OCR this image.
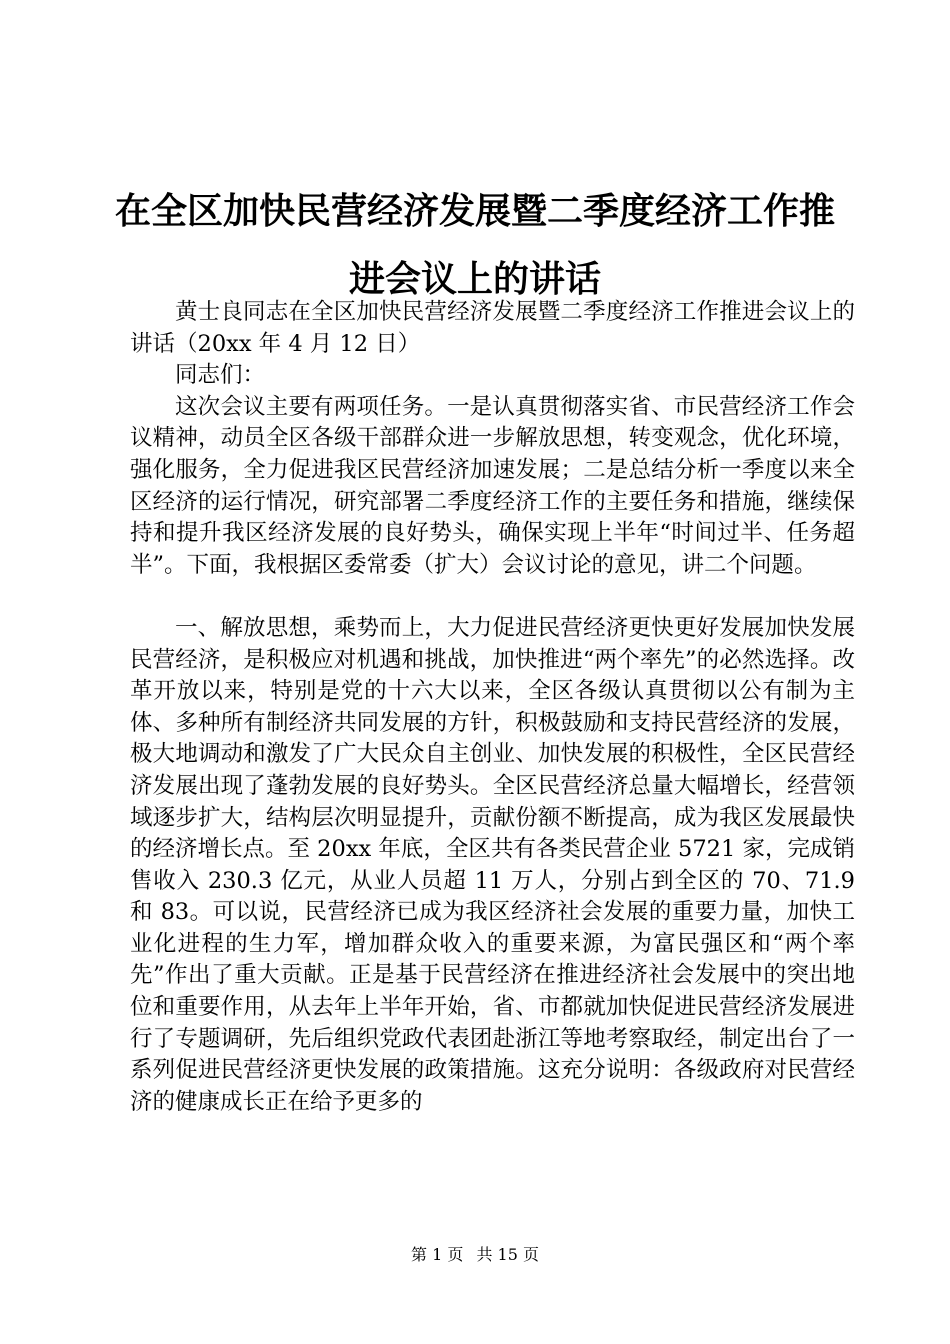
在全区加快民营经济发展暨二季度经济工作推
进会议上的讲话

黄士良同志在全区加快民营经济发展暨二季度经济工作推进会议上的讲话（20xx 年 4 月 12 日）

同志们：

这次会议主要有两项任务。一是认真贯彻落实省、市民营经济工作会议精神，动员全区各级干部群众进一步解放思想，转变观念，优化环境，强化服务，全力促进我区民营经济加速发展；二是总结分析一季度以来全区经济的运行情况，研究部署二季度经济工作的主要任务和措施，继续保持和提升我区经济发展的良好势头，确保实现上半年“时间过半、任务超半”。下面，我根据区委常委（扩大）会议讨论的意见，讲二个问题。

一、解放思想，乘势而上，大力促进民营经济更快更好发展加快发展民营经济，是积极应对机遇和挑战，加快推进“两个率先”的必然选择。改革开放以来，特别是党的十六大以来，全区各级认真贯彻以公有制为主体、多种所有制经济共同发展的方针，积极鼓励和支持民营经济的发展，极大地调动和激发了广大民众自主创业、加快发展的积极性，全区民营经济发展出现了蓬勃发展的良好势头。全区民营经济总量大幅增长，经营领域逐步扩大，结构层次明显提升，贡献份额不断提高，成为我区发展最快的经济增长点。至 20xx 年底，全区共有各类民营企业 5721 家，完成销售收入 230.3 亿元，从业人员超 11 万人，分别占到全区的 70、71.9 和 83。可以说，民营经济已成为我区经济社会发展的重要力量，加快工业化进程的生力军，增加群众收入的重要来源，为富民强区和“两个率先”作出了重大贡献。正是基于民营经济在推进经济社会发展中的突出地位和重要作用，从去年上半年开始，省、市都就加快促进民营经济发展进行了专题调研，先后组织党政代表团赴浙江等地考察取经，制定出台了一系列促进民营经济更快发展的政策措施。这充分说明：各级政府对民营经济的健康成长正在给予更多的

第 1 页 共 15 页
